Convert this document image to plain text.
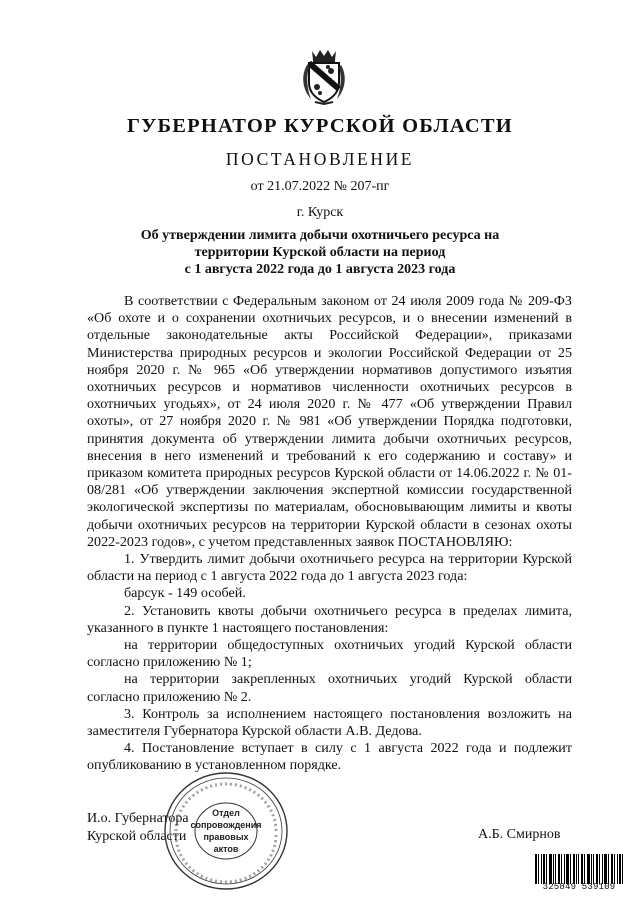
ГУБЕРНАТОР КУРСКОЙ ОБЛАСТИ
ПОСТАНОВЛЕНИЕ
от 21.07.2022 № 207-пг
г. Курск
Об утверждении лимита добычи охотничьего ресурса на
территории Курской области на период
с 1 августа 2022 года до 1 августа 2023 года

В соответствии с Федеральным законом от 24 июля 2009 года № 209-ФЗ «Об охоте и о сохранении охотничьих ресурсов, и о внесении изменений в отдельные законодательные акты Российской Федерации», приказами Министерства природных ресурсов и экологии Российской Федерации от 25 ноября 2020 г. № 965 «Об утверждении нормативов допустимого изъятия охотничьих ресурсов и нормативов численности охотничьих ресурсов в охотничьих угодьях», от 24 июля 2020 г. № 477 «Об утверждении Правил охоты», от 27 ноября 2020 г. № 981 «Об утверждении Порядка подготовки, принятия документа об утверждении лимита добычи охотничьих ресурсов, внесения в него изменений и требований к его содержанию и составу» и приказом комитета природных ресурсов Курской области от 14.06.2022 г. № 01-08/281 «Об утверждении заключения экспертной комиссии государственной экологической экспертизы по материалам, обосновывающим лимиты и квоты добычи охотничьих ресурсов на территории Курской области в сезонах охоты 2022-2023 годов», с учетом представленных заявок ПОСТАНОВЛЯЮ:

1. Утвердить лимит добычи охотничьего ресурса на территории Курской области на период с 1 августа 2022 года до 1 августа 2023 года:

барсук - 149 особей.

2. Установить квоты добычи охотничьего ресурса в пределах лимита, указанного в пункте 1 настоящего постановления:

на территории общедоступных охотничьих угодий Курской области согласно приложению № 1;

на территории закрепленных охотничьих угодий Курской области согласно приложению № 2.

3. Контроль за исполнением настоящего постановления возложить на заместителя Губернатора Курской области А.В. Дедова.

4. Постановление вступает в силу с 1 августа 2022 года и подлежит опубликованию в установленном порядке.

И.о. Губернатора
Курской области	А.Б. Смирнов
Отдел
сопровождения
правовых
актов
325849 539109
